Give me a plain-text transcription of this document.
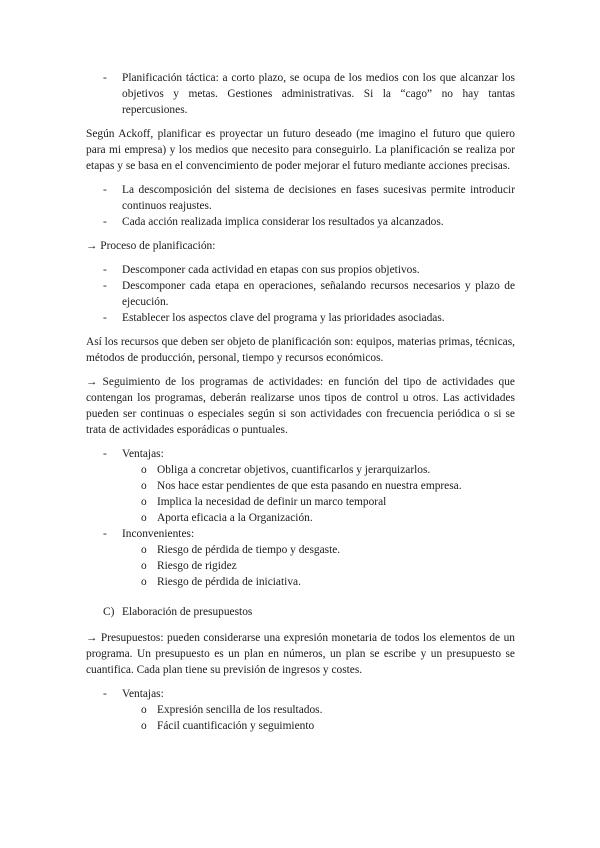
- Planificación táctica: a corto plazo, se ocupa de los medios con los que alcanzar los objetivos y metas. Gestiones administrativas. Si la “cago” no hay tantas repercusiones.

Según Ackoff, planificar es proyectar un futuro deseado (me imagino el futuro que quiero para mi empresa) y los medios que necesito para conseguirlo. La planificación se realiza por etapas y se basa en el convencimiento de poder mejorar el futuro mediante acciones precisas.

- La descomposición del sistema de decisiones en fases sucesivas permite introducir continuos reajustes.
- Cada acción realizada implica considerar los resultados ya alcanzados.

→ Proceso de planificación:

- Descomponer cada actividad en etapas con sus propios objetivos.
- Descomponer cada etapa en operaciones, señalando recursos necesarios y plazo de ejecución.
- Establecer los aspectos clave del programa y las prioridades asociadas.

Así los recursos que deben ser objeto de planificación son: equipos, materias primas, técnicas, métodos de producción, personal, tiempo y recursos económicos.

→ Seguimiento de los programas de actividades: en función del tipo de actividades que contengan los programas, deberán realizarse unos tipos de control u otros. Las actividades pueden ser continuas o especiales según si son actividades con frecuencia periódica o si se trata de actividades esporádicas o puntuales.

- Ventajas:
o Obliga a concretar objetivos, cuantificarlos y jerarquizarlos.
o Nos hace estar pendientes de que esta pasando en nuestra empresa.
o Implica la necesidad de definir un marco temporal
o Aporta eficacia a la Organización.
- Inconvenientes:
o Riesgo de pérdida de tiempo y desgaste.
o Riesgo de rigidez
o Riesgo de pérdida de iniciativa.
C) Elaboración de presupuestos

→ Presupuestos: pueden considerarse una expresión monetaria de todos los elementos de un programa. Un presupuesto es un plan en números, un plan se escribe y un presupuesto se cuantifica. Cada plan tiene su previsión de ingresos y costes.

- Ventajas:
o Expresión sencilla de los resultados.
o Fácil cuantificación y seguimiento
